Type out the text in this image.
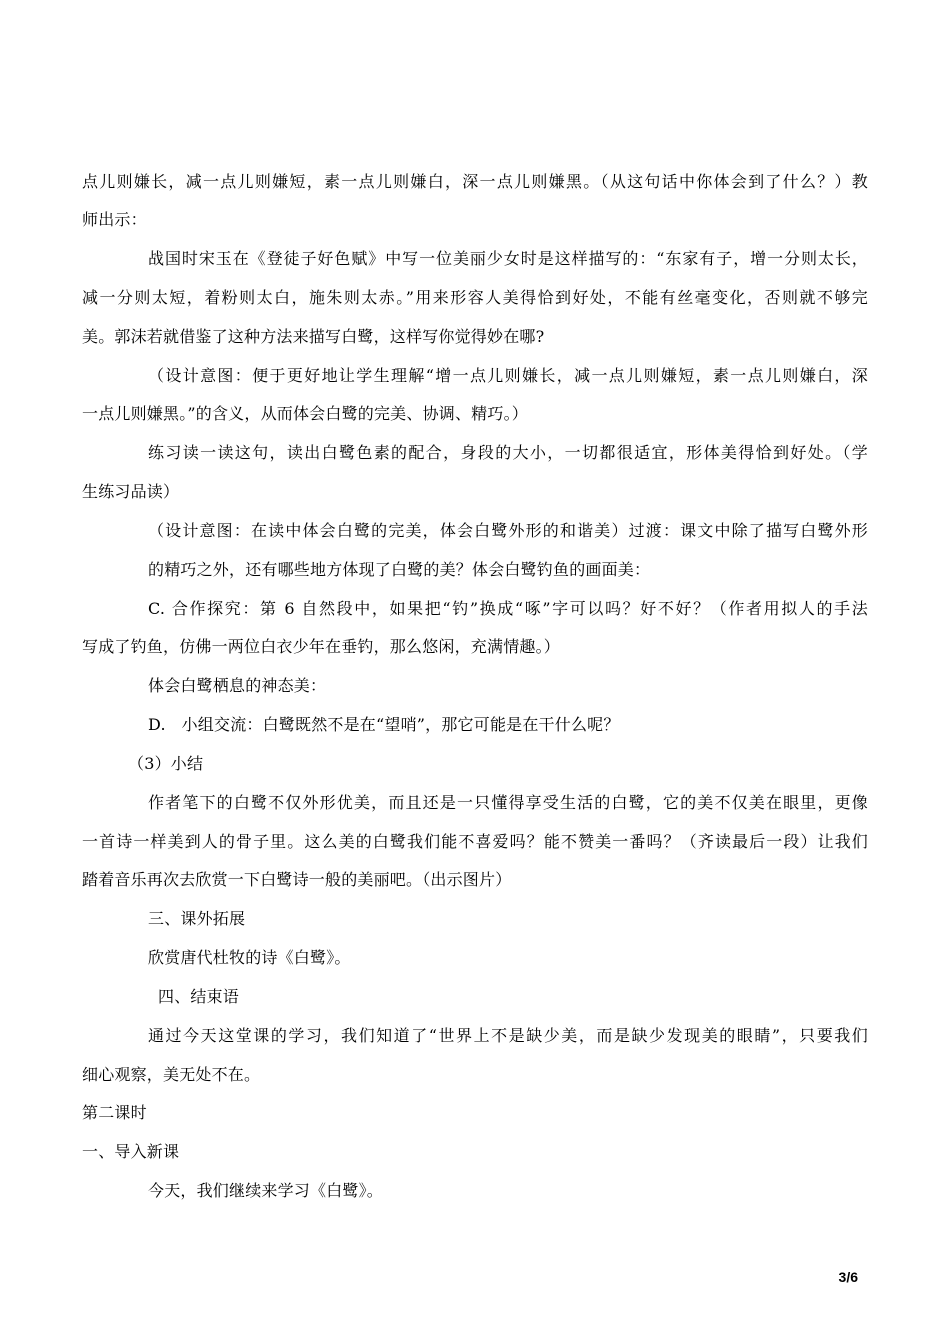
点儿则嫌长，减一点儿则嫌短，素一点儿则嫌白，深一点儿则嫌黑。（从这句话中你体会到了什么？）教
师出示：
战国时宋玉在《登徒子好色赋》中写一位美丽少女时是这样描写的：“东家有子，增一分则太长，
减一分则太短，着粉则太白，施朱则太赤。”用来形容人美得恰到好处，不能有丝毫变化，否则就不够完
美。郭沫若就借鉴了这种方法来描写白鹭，这样写你觉得妙在哪?
（设计意图：便于更好地让学生理解“增一点儿则嫌长，减一点儿则嫌短，素一点儿则嫌白，深
一点儿则嫌黑。”的含义，从而体会白鹭的完美、协调、精巧。）
练习读一读这句，读出白鹭色素的配合，身段的大小，一切都很适宜，形体美得恰到好处。（学
生练习品读）
（设计意图：在读中体会白鹭的完美，体会白鹭外形的和谐美）过渡：课文中除了描写白鹭外形
的精巧之外，还有哪些地方体现了白鹭的美？体会白鹭钓鱼的画面美：
C. 合作探究：第 6 自然段中，如果把“钓”换成“啄”字可以吗？好不好？（作者用拟人的手法
写成了钓鱼，仿佛一两位白衣少年在垂钓，那么悠闲，充满情趣。）
体会白鹭栖息的神态美：
D.   小组交流：白鹭既然不是在“望哨”，那它可能是在干什么呢？
（3）小结
作者笔下的白鹭不仅外形优美，而且还是一只懂得享受生活的白鹭，它的美不仅美在眼里，更像
一首诗一样美到人的骨子里。这么美的白鹭我们能不喜爱吗？能不赞美一番吗？（齐读最后一段）让我们
踏着音乐再次去欣赏一下白鹭诗一般的美丽吧。（出示图片）
三、课外拓展
欣赏唐代杜牧的诗《白鹭》。
四、结束语
通过今天这堂课的学习，我们知道了“世界上不是缺少美，而是缺少发现美的眼睛”，只要我们
细心观察，美无处不在。
第二课时
一、导入新课
今天，我们继续来学习《白鹭》。
3/6
